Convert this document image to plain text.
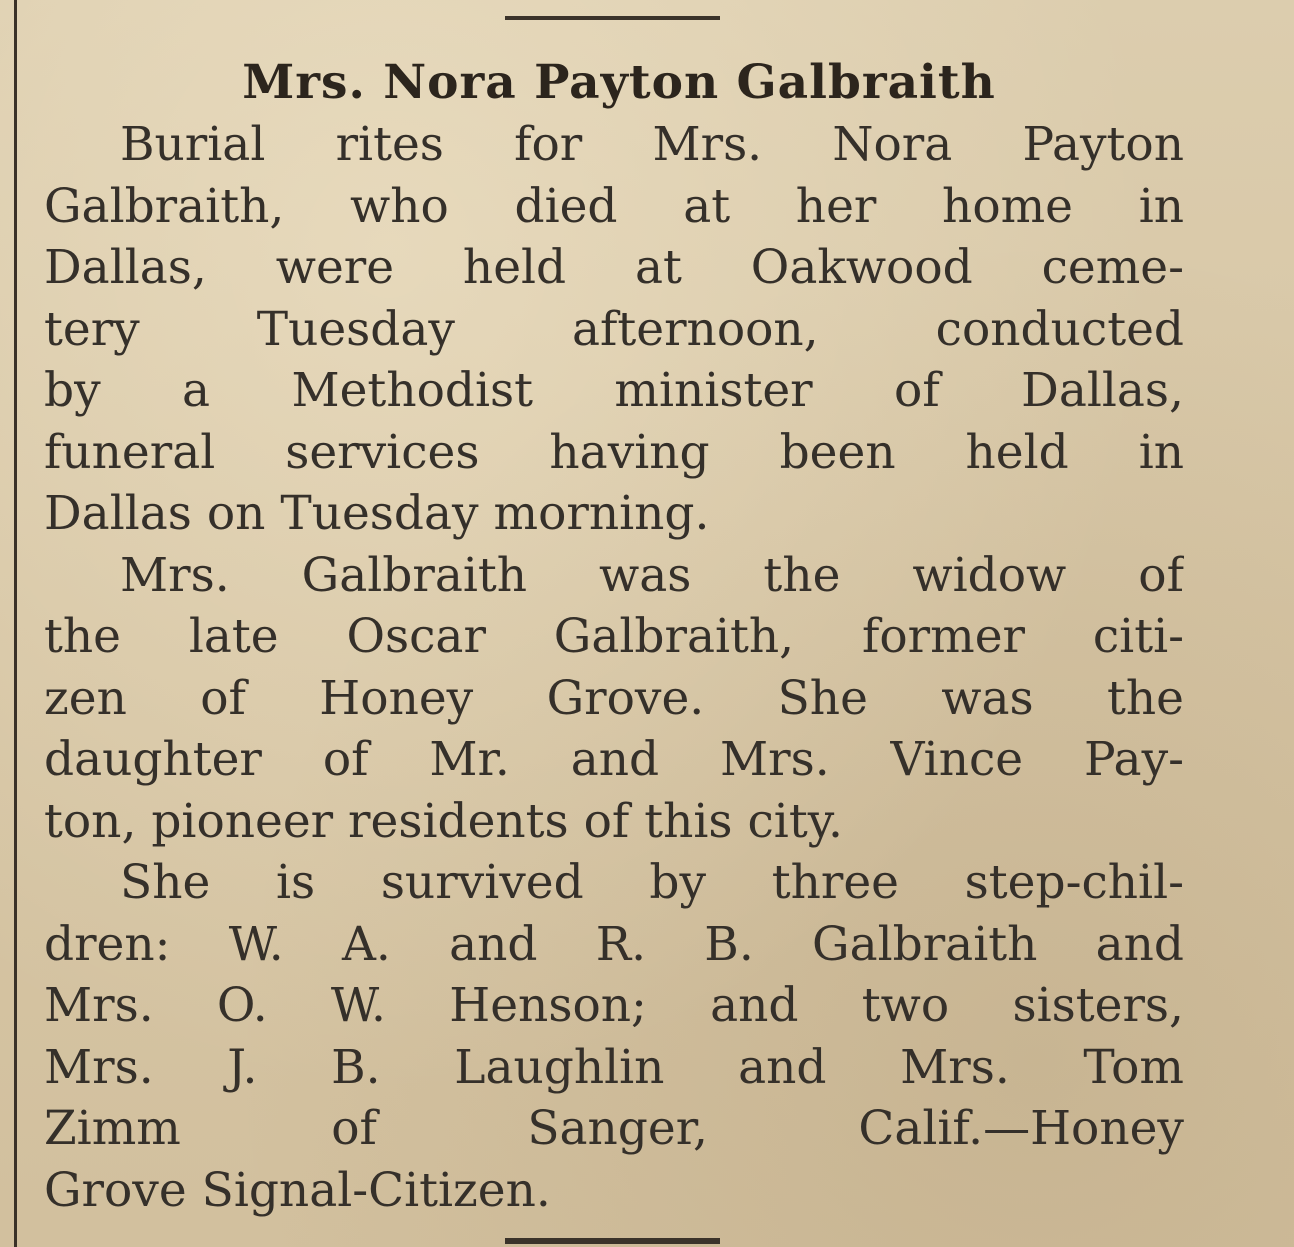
Mrs. Nora Payton Galbraith

Burial rites for Mrs. Nora Payton
Galbraith, who died at her home in
Dallas, were held at Oakwood ceme-
tery Tuesday afternoon, conducted
by a Methodist minister of Dallas,
funeral services having been held in
Dallas on Tuesday morning.

Mrs. Galbraith was the widow of
the late Oscar Galbraith, former citi-
zen of Honey Grove. She was the
daughter of Mr. and Mrs. Vince Pay-
ton, pioneer residents of this city.

She is survived by three step-chil-
dren: W. A. and R. B. Galbraith and
Mrs. O. W. Henson; and two sisters,
Mrs. J. B. Laughlin and Mrs. Tom
Zimm of Sanger, Calif.—Honey
Grove Signal-Citizen.
